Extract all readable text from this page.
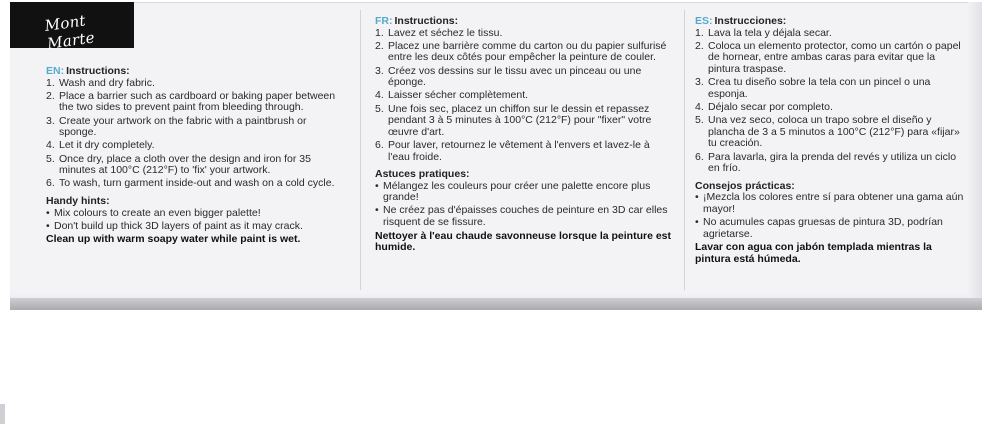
Mont Marte
EN: Instructions:
1. Wash and dry fabric.
2. Place a barrier such as cardboard or baking paper between the two sides to prevent paint from bleeding through.
3. Create your artwork on the fabric with a paintbrush or sponge.
4. Let it dry completely.
5. Once dry, place a cloth over the design and iron for 35 minutes at 100°C (212°F) to 'fix' your artwork.
6. To wash, turn garment inside-out and wash on a cold cycle.
Handy hints:
• Mix colours to create an even bigger palette!
• Don't build up thick 3D layers of paint as it may crack.
Clean up with warm soapy water while paint is wet.
FR: Instructions:
1. Lavez et séchez le tissu.
2. Placez une barrière comme du carton ou du papier sulfurisé entre les deux côtés pour empêcher la peinture de couler.
3. Créez vos dessins sur le tissu avec un pinceau ou une éponge.
4. Laisser sécher complètement.
5. Une fois sec, placez un chiffon sur le dessin et repassez pendant 3 à 5 minutes à 100°C (212°F) pour "fixer" votre œuvre d'art.
6. Pour laver, retournez le vêtement à l'envers et lavez-le à l'eau froide.
Astuces pratiques:
• Mélangez les couleurs pour créer une palette encore plus grande!
• Ne créez pas d'épaisses couches de peinture en 3D car elles risquent de se fissure.
Nettoyer à l'eau chaude savonneuse lorsque la peinture est humide.
ES: Instrucciones:
1. Lava la tela y déjala secar.
2. Coloca un elemento protector, como un cartón o papel de hornear, entre ambas caras para evitar que la pintura traspase.
3. Crea tu diseño sobre la tela con un pincel o una esponja.
4. Déjalo secar por completo.
5. Una vez seco, coloca un trapo sobre el diseño y plancha de 3 a 5 minutos a 100°C (212°F) para «fijar» tu creación.
6. Para lavarla, gira la prenda del revés y utiliza un ciclo en frío.
Consejos prácticas:
• ¡Mezcla los colores entre sí para obtener una gama aún mayor!
• No acumules capas gruesas de pintura 3D, podrían agrietarse.
Lavar con agua con jabón templada mientras la pintura está húmeda.
